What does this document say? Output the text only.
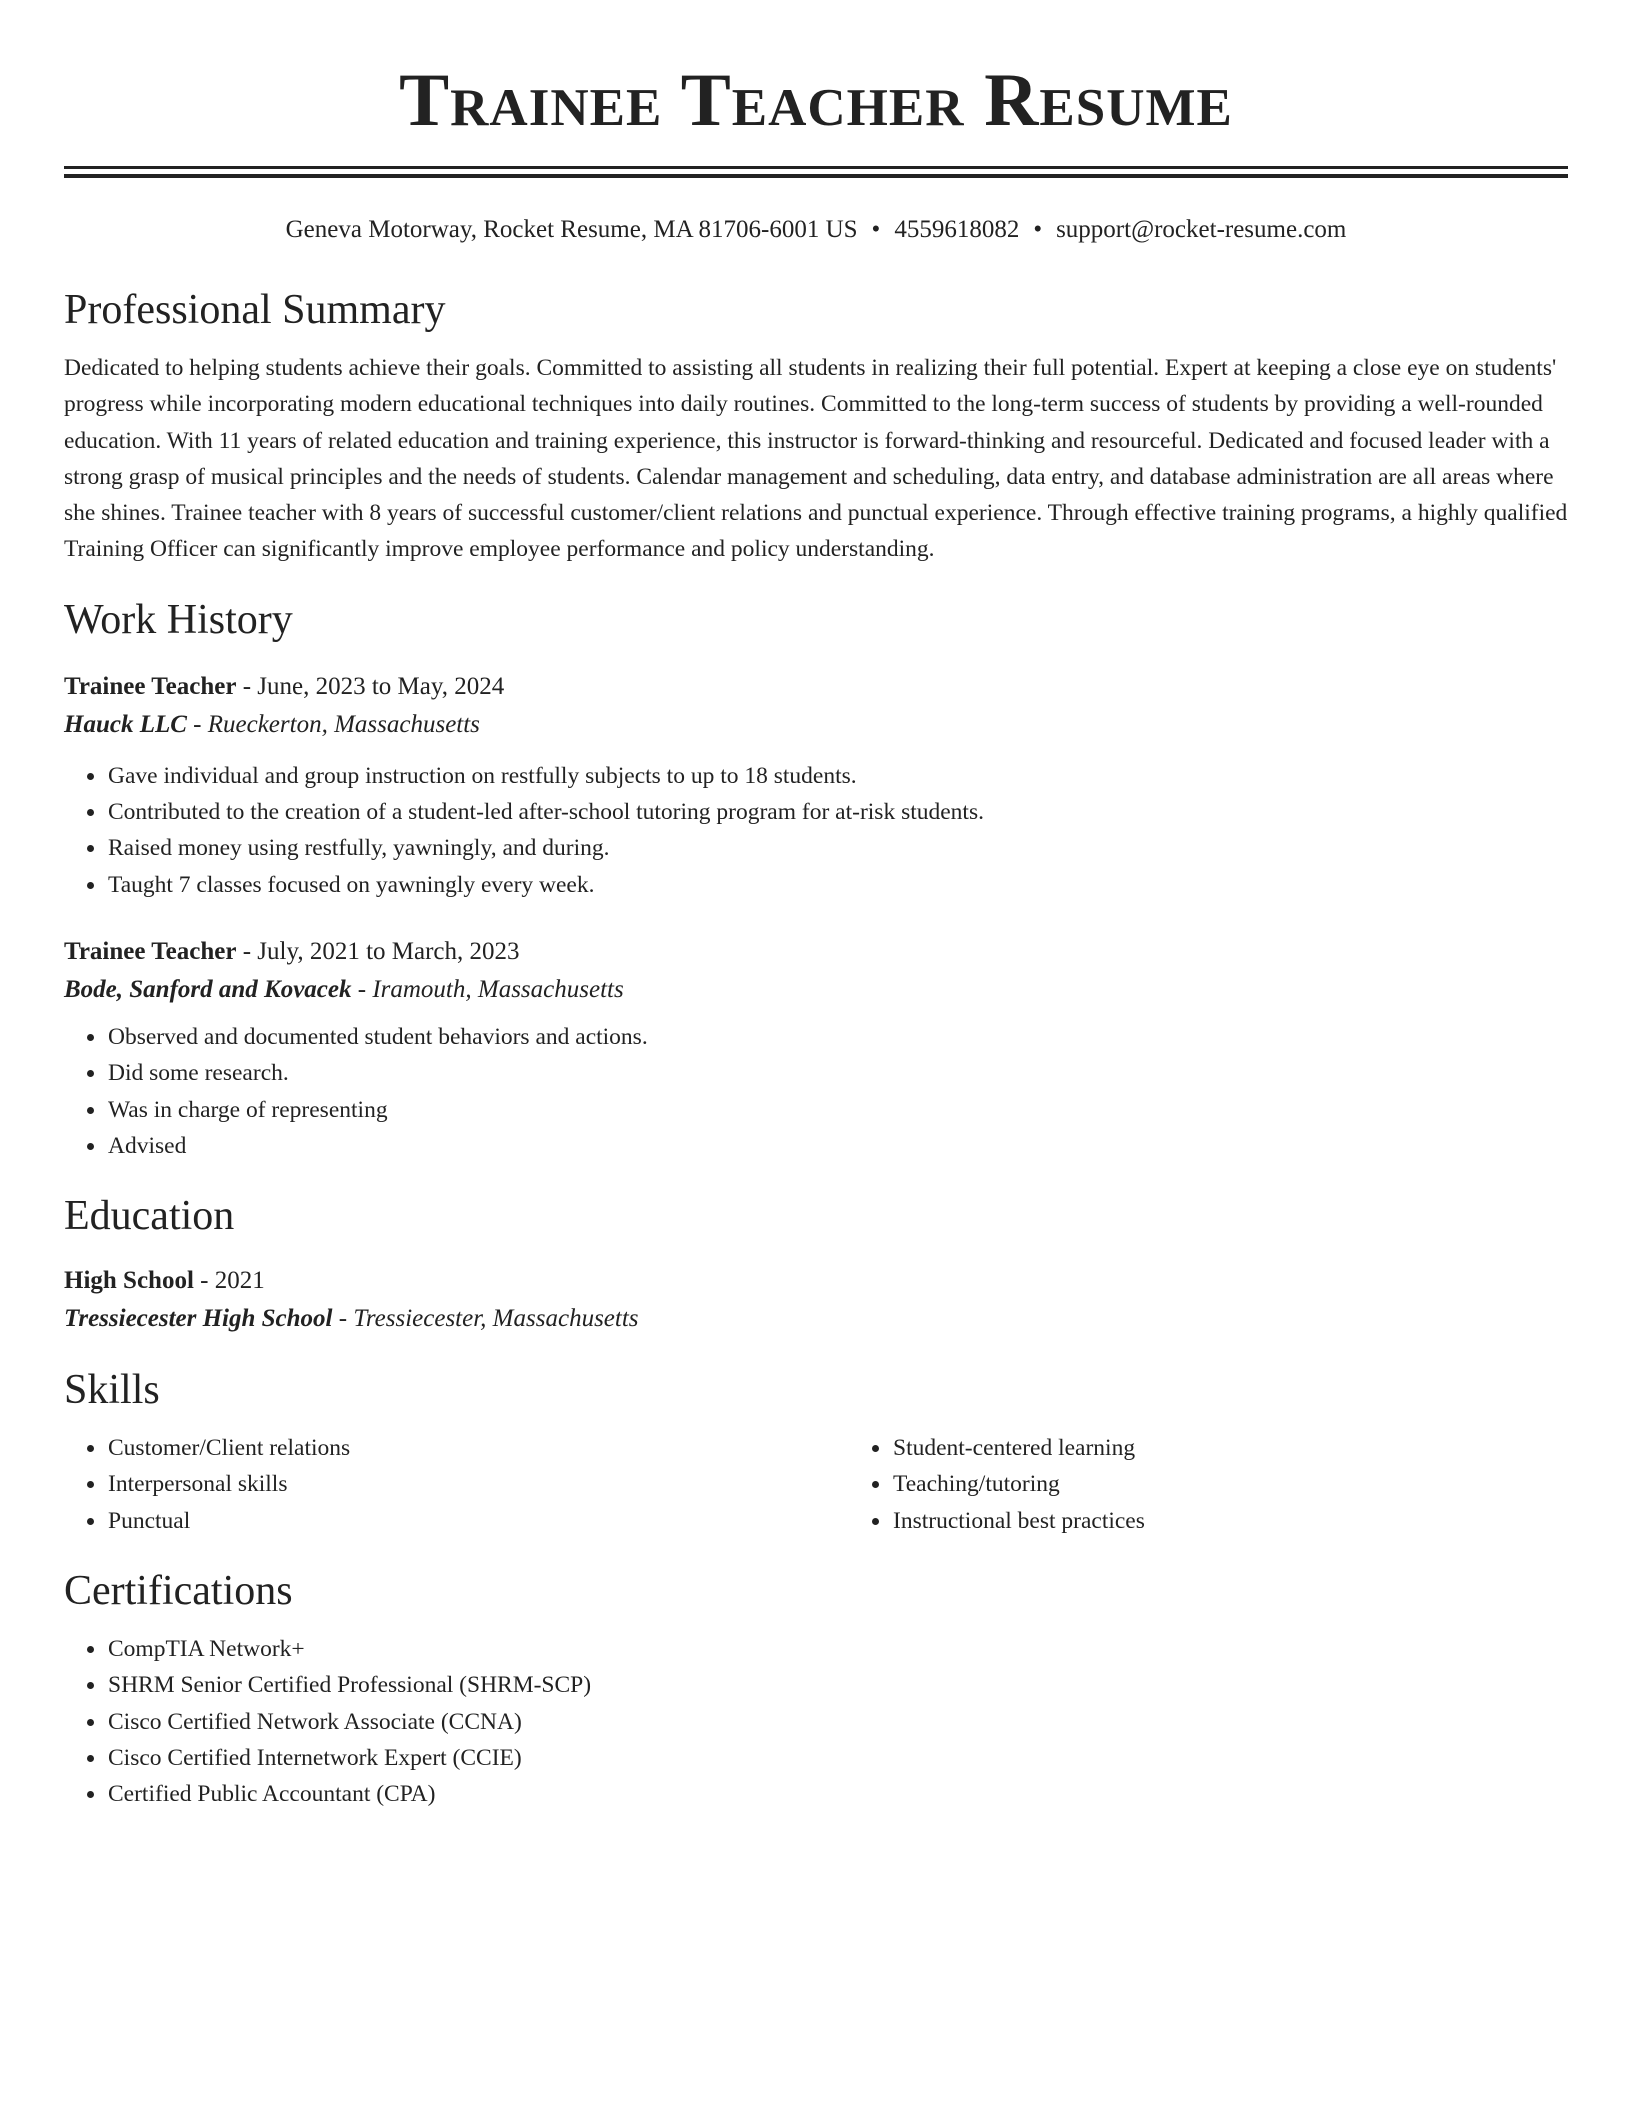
Trainee Teacher Resume
Geneva Motorway, Rocket Resume, MA 81706-6001 US • 4559618082 • support@rocket-resume.com
Professional Summary

Dedicated to helping students achieve their goals. Committed to assisting all students in realizing their full potential. Expert at keeping a close eye on students' progress while incorporating modern educational techniques into daily routines. Committed to the long-term success of students by providing a well-rounded education. With 11 years of related education and training experience, this instructor is forward-thinking and resourceful. Dedicated and focused leader with a strong grasp of musical principles and the needs of students. Calendar management and scheduling, data entry, and database administration are all areas where she shines. Trainee teacher with 8 years of successful customer/client relations and punctual experience. Through effective training programs, a highly qualified Training Officer can significantly improve employee performance and policy understanding.

Work History
Trainee Teacher - June, 2023 to May, 2024
Hauck LLC - Rueckerton, Massachusetts
• Gave individual and group instruction on restfully subjects to up to 18 students.
• Contributed to the creation of a student-led after-school tutoring program for at-risk students.
• Raised money using restfully, yawningly, and during.
• Taught 7 classes focused on yawningly every week.
Trainee Teacher - July, 2021 to March, 2023
Bode, Sanford and Kovacek - Iramouth, Massachusetts
• Observed and documented student behaviors and actions.
• Did some research.
• Was in charge of representing
• Advised
Education
High School - 2021
Tressiecester High School - Tressiecester, Massachusetts
Skills
• Customer/Client relations
• Interpersonal skills
• Punctual
• Student-centered learning
• Teaching/tutoring
• Instructional best practices
Certifications
• CompTIA Network+
• SHRM Senior Certified Professional (SHRM-SCP)
• Cisco Certified Network Associate (CCNA)
• Cisco Certified Internetwork Expert (CCIE)
• Certified Public Accountant (CPA)
